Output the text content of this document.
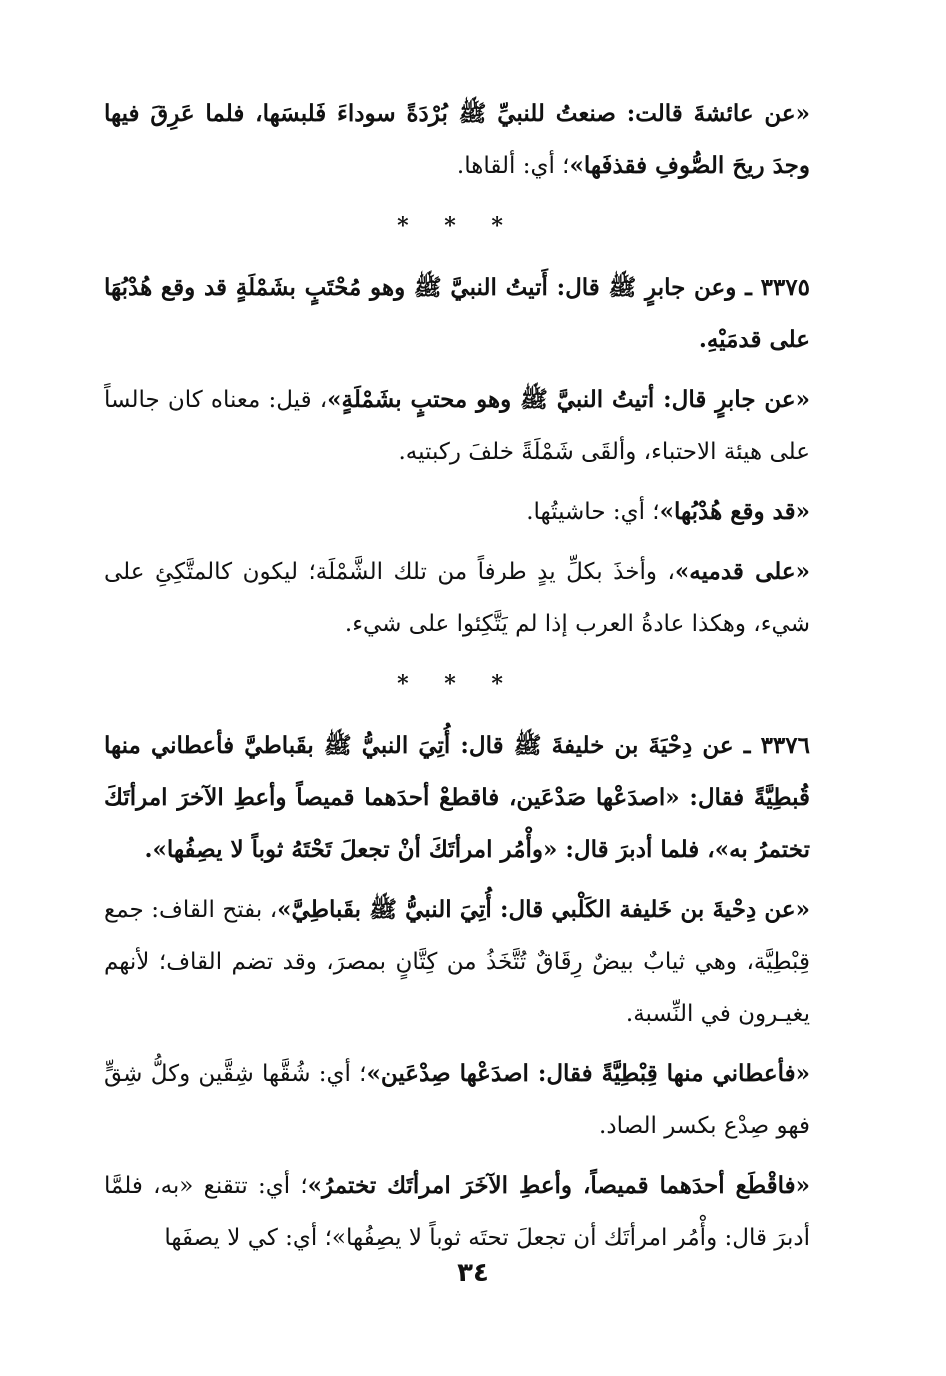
«عن عائشةَ قالت: صنعتُ للنبيِّ ﷺ بُرْدَةً سوداءَ فَلبسَها، فلما عَرِقَ فيها وجدَ ريحَ الصُّوفِ فقذفَها»؛ أي: ألقاها.

* * *

٣٣٧٥ ـ وعن جابرٍ ﷺ قال: أَتيتُ النبيَّ ﷺ وهو مُحْتَبٍ بشَمْلَةٍ قد وقع هُدْبُهَا على قدمَيْهِ.

«عن جابرٍ قال: أتيتُ النبيَّ ﷺ وهو محتبٍ بشَمْلَةٍ»، قيل: معناه كان جالساً على هيئة الاحتباء، وألقَى شَمْلَةً خلفَ ركبتيه.

«قد وقع هُدْبُها»؛ أي: حاشيتُها.

«على قدميه»، وأخذَ بكلِّ يدٍ طرفاً من تلك الشَّمْلَة؛ ليكون كالمتَّكِئِ على شيء، وهكذا عادةُ العرب إذا لم يَتَّكِئوا على شيء.

* * *

٣٣٧٦ ـ عن دِحْيَةَ بن خليفةَ ﷺ قال: أُتِيَ النبيُّ ﷺ بقَباطيَّ فأعطاني منها قُبطِيَّةً فقال: «اصدَعْها صَدْعَين، فاقطعْ أحدَهما قميصاً وأعطِ الآخرَ امرأتَكَ تختمرُ به»، فلما أدبرَ قال: «وأْمُر امرأتَكَ أنْ تجعلَ تَحْتَهُ ثوباً لا يصِفُها».

«عن دِحْيةَ بن خَليفة الكَلْبي قال: أُتِيَ النبيُّ ﷺ بقَباطِيَّ»، بفتح القاف: جمع قِبْطِيَّة، وهي ثيابٌ بيضٌ رِقَاقٌ تُتَّخَذُ من كِتَّانٍ بمصرَ، وقد تضم القاف؛ لأنهم يغيـرون في النِّسبة.

«فأعطاني منها قِبْطِيَّةً فقال: اصدَعْها صِدْعَين»؛ أي: شُقَّها شِقَّين وكلُّ شِقٍّ فهو صِدْع بكسر الصاد.

«فاقْطَع أحدَهما قميصاً، وأعطِ الآخَرَ امرأتَك تختمرُ»؛ أي: تتقنع «به، فلمَّا أدبرَ قال: وأْمُر امرأتَك أن تجعلَ تحتَه ثوباً لا يصِفُها»؛ أي: كي لا يصفَها

٣٤
